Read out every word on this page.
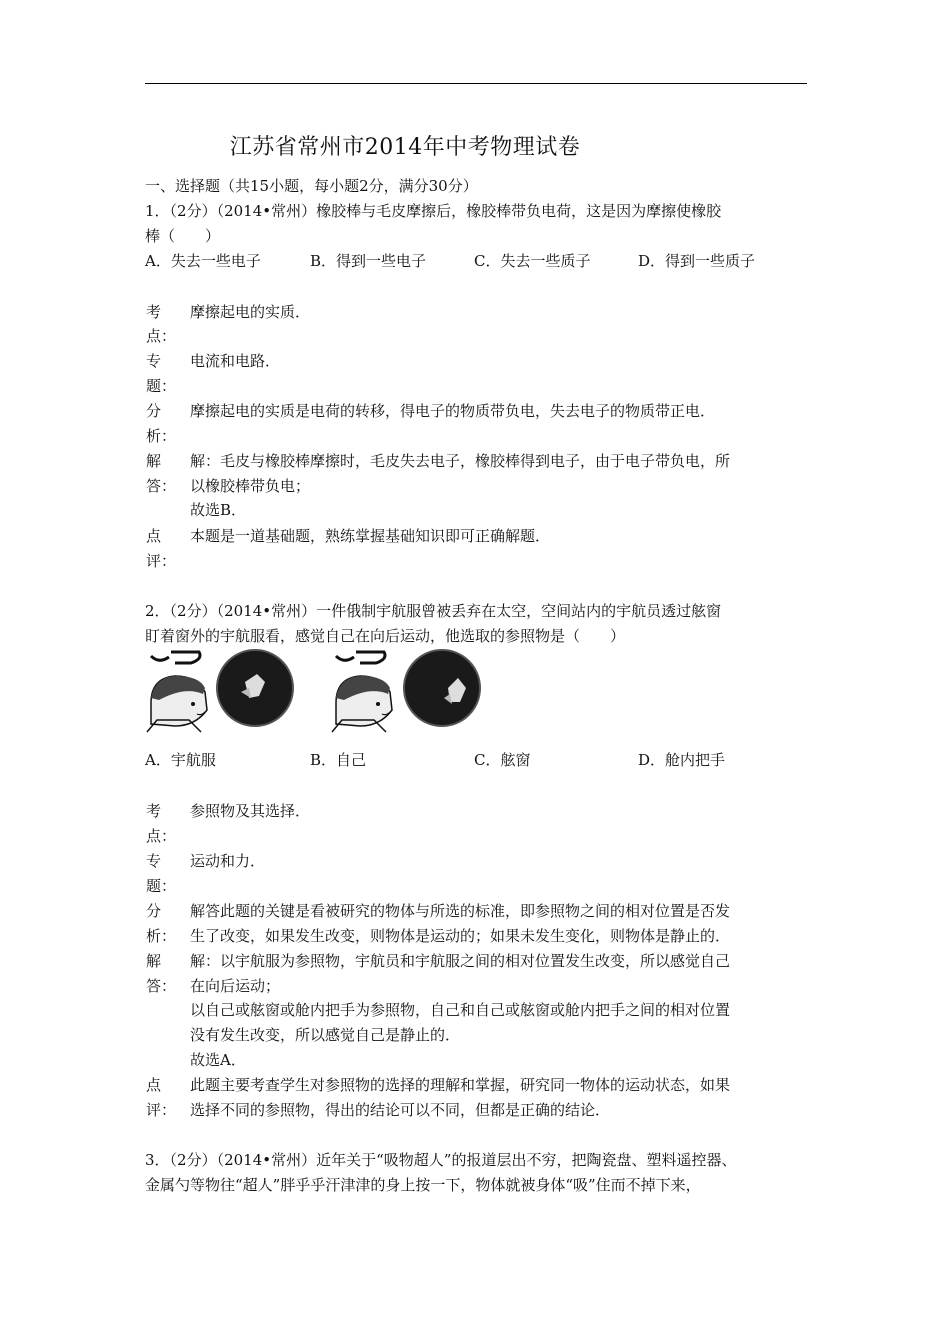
江苏省常州市2014年中考物理试卷
一、选择题（共15小题，每小题2分，满分30分）
1．（2分）（2014•常州）橡胶棒与毛皮摩擦后，橡胶棒带负电荷，这是因为摩擦使橡胶
棒（　　）
A．失去一些电子	B．得到一些电子	C．失去一些质子	D．得到一些质子
考
点：
摩擦起电的实质．
专
题：
电流和电路．
分
析：
摩擦起电的实质是电荷的转移，得电子的物质带负电，失去电子的物质带正电．
解
答：
解：毛皮与橡胶棒摩擦时，毛皮失去电子，橡胶棒得到电子，由于电子带负电，所
以橡胶棒带负电；
故选B．
点
评：
本题是一道基础题，熟练掌握基础知识即可正确解题．
2．（2分）（2014•常州）一件俄制宇航服曾被丢弃在太空，空间站内的宇航员透过舷窗
盯着窗外的宇航服看，感觉自己在向后运动，他选取的参照物是（　　）
A．宇航服	B．自己	C．舷窗	D．舱内把手
考
点：
参照物及其选择．
专
题：
运动和力．
分
析：
解答此题的关键是看被研究的物体与所选的标准，即参照物之间的相对位置是否发
生了改变，如果发生改变，则物体是运动的；如果未发生变化，则物体是静止的．
解
答：
解：以宇航服为参照物，宇航员和宇航服之间的相对位置发生改变，所以感觉自己
在向后运动；
以自己或舷窗或舱内把手为参照物，自己和自己或舷窗或舱内把手之间的相对位置
没有发生改变，所以感觉自己是静止的．
故选A．
点
评：
此题主要考查学生对参照物的选择的理解和掌握，研究同一物体的运动状态，如果
选择不同的参照物，得出的结论可以不同，但都是正确的结论．
3．（2分）（2014•常州）近年关于“吸物超人”的报道层出不穷，把陶瓷盘、塑料遥控器、
金属勺等物往“超人”胖乎乎汗津津的身上按一下，物体就被身体“吸”住而不掉下来，
